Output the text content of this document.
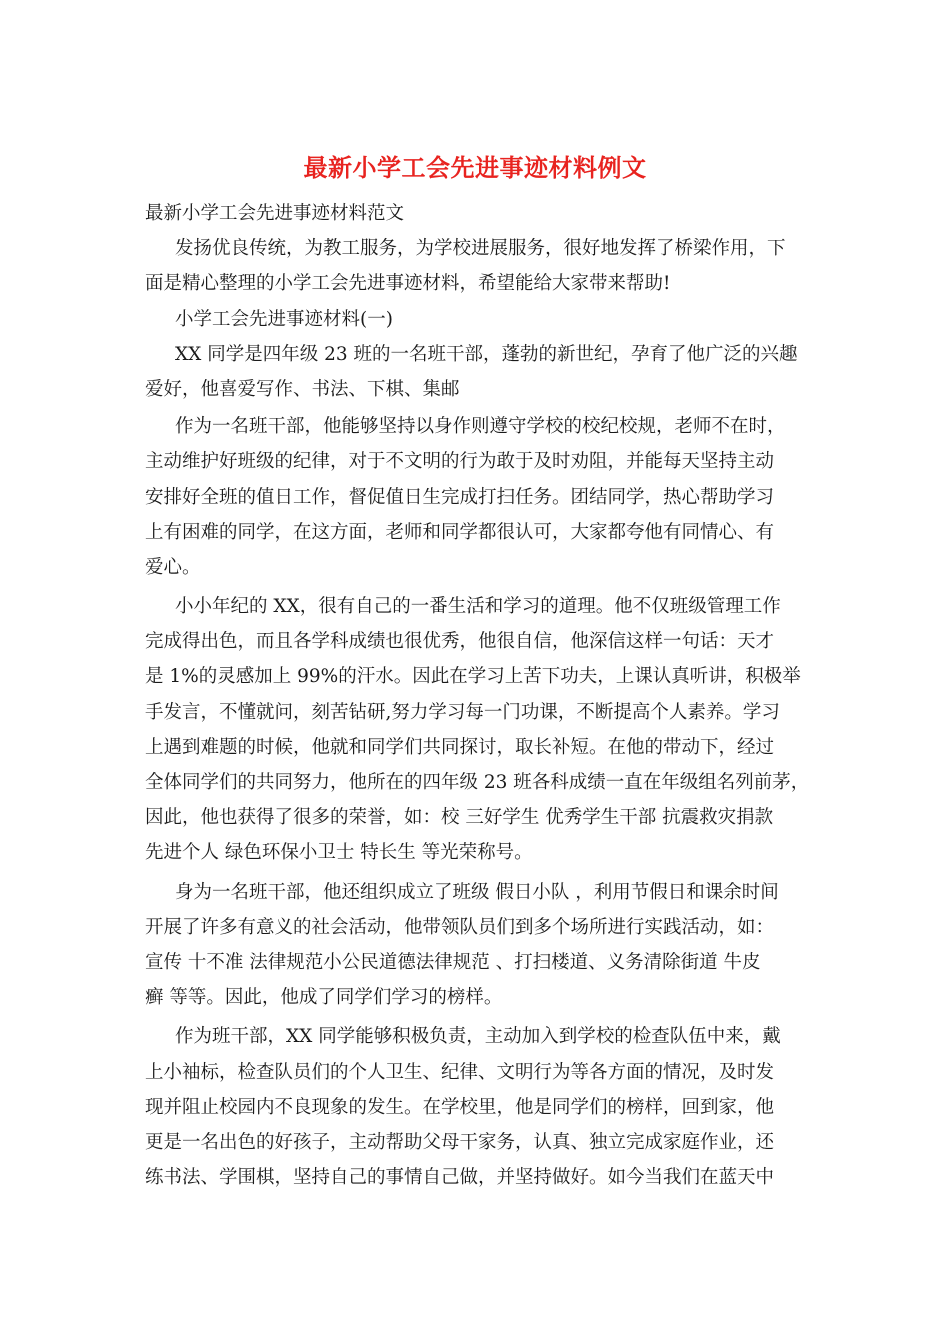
最新小学工会先进事迹材料例文
最新小学工会先进事迹材料范文
发扬优良传统，为教工服务，为学校进展服务，很好地发挥了桥梁作用，下
面是精心整理的小学工会先进事迹材料，希望能给大家带来帮助!
小学工会先进事迹材料(一)
XX 同学是四年级 23 班的一名班干部，蓬勃的新世纪，孕育了他广泛的兴趣
爱好，他喜爱写作、书法、下棋、集邮
作为一名班干部，他能够坚持以身作则遵守学校的校纪校规，老师不在时，
主动维护好班级的纪律，对于不文明的行为敢于及时劝阻，并能每天坚持主动
安排好全班的值日工作，督促值日生完成打扫任务。团结同学，热心帮助学习
上有困难的同学，在这方面，老师和同学都很认可，大家都夸他有同情心、有
爱心。
小小年纪的 XX，很有自己的一番生活和学习的道理。他不仅班级管理工作
完成得出色，而且各学科成绩也很优秀，他很自信，他深信这样一句话：天才
是 1%的灵感加上 99%的汗水。因此在学习上苦下功夫，上课认真听讲，积极举
手发言，不懂就问，刻苦钻研,努力学习每一门功课，不断提高个人素养。学习
上遇到难题的时候，他就和同学们共同探讨，取长补短。在他的带动下，经过
全体同学们的共同努力，他所在的四年级 23 班各科成绩一直在年级组名列前茅，
因此，他也获得了很多的荣誉，如：校 三好学生 优秀学生干部 抗震救灾捐款
先进个人 绿色环保小卫士 特长生 等光荣称号。
身为一名班干部，他还组织成立了班级 假日小队 ，利用节假日和课余时间
开展了许多有意义的社会活动，他带领队员们到多个场所进行实践活动，如：
宣传 十不准 法律规范小公民道德法律规范 、打扫楼道、义务清除街道 牛皮
癣 等等。因此，他成了同学们学习的榜样。
作为班干部，XX 同学能够积极负责，主动加入到学校的检查队伍中来，戴
上小袖标，检查队员们的个人卫生、纪律、文明行为等各方面的情况，及时发
现并阻止校园内不良现象的发生。在学校里，他是同学们的榜样，回到家，他
更是一名出色的好孩子，主动帮助父母干家务，认真、独立完成家庭作业，还
练书法、学围棋，坚持自己的事情自己做，并坚持做好。如今当我们在蓝天中
